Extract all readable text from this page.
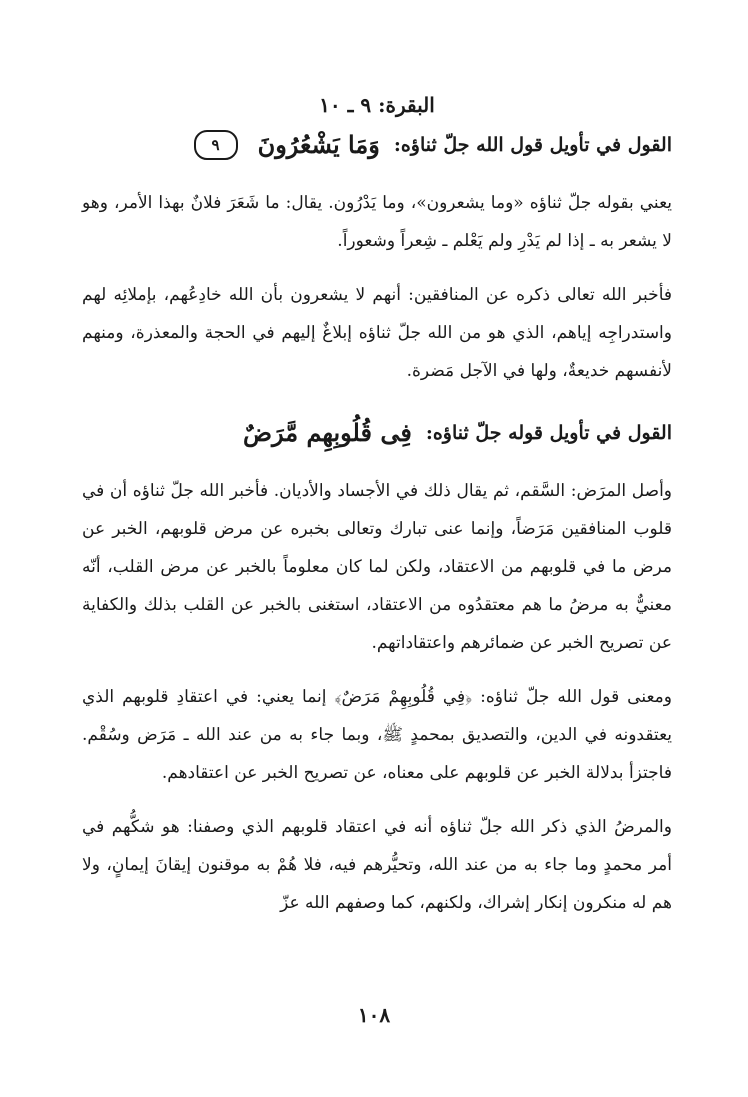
البقرة: ٩ ـ ١٠
القول في تأويل قول الله جلّ ثناؤه:
وَمَا يَشْعُرُونَ
٩

يعني بقوله جلّ ثناؤه «وما يشعرون»، وما يَدْرُون. يقال: ما شَعَرَ فلانٌ بهذا الأمر، وهو لا يشعر به ـ إذا لم يَدْرِ ولم يَعْلم ـ شِعراً وشعوراً.

فأخبر الله تعالى ذكره عن المنافقين: أنهم لا يشعرون بأن الله خادِعُهم، بإملائِه لهم واستدراجِه إياهم، الذي هو من الله جلّ ثناؤه إبلاغٌ إليهم في الحجة والمعذرة، ومنهم لأنفسهم خديعةٌ، ولها في الآجل مَضرة.

القول في تأويل قوله جلّ ثناؤه:
فِى قُلُوبِهِم مَّرَضٌ

وأصل المرَض: السَّقم، ثم يقال ذلك في الأجساد والأديان. فأخبر الله جلّ ثناؤه أن في قلوب المنافقين مَرَضاً، وإنما عنى تبارك وتعالى بخبره عن مرض قلوبهم، الخبر عن مرض ما في قلوبهم من الاعتقاد، ولكن لما كان معلوماً بالخبر عن مرض القلب، أنّه معنيٌّ به مرضُ ما هم معتقدُوه من الاعتقاد، استغنى بالخبر عن القلب بذلك والكفاية عن تصريح الخبر عن ضمائرهم واعتقاداتهم.

ومعنى قول الله جلّ ثناؤه: ﴿فِي قُلُوبِهِمْ مَرَضٌ﴾ إنما يعني: في اعتقادِ قلوبهم الذي يعتقدونه في الدين، والتصديق بمحمدٍ ﷺ، وبما جاء به من عند الله ـ مَرَض وسُقْم. فاجتزأ بدلالة الخبر عن قلوبهم على معناه، عن تصريح الخبر عن اعتقادهم.

والمرضُ الذي ذكر الله جلّ ثناؤه أنه في اعتقاد قلوبهم الذي وصفنا: هو شكُّهم في أمر محمدٍ وما جاء به من عند الله، وتحيُّرهم فيه، فلا هُمْ به موقنون إيقانَ إيمانٍ، ولا هم له منكرون إنكار إشراك، ولكنهم، كما وصفهم الله عزّ

١٠٨
